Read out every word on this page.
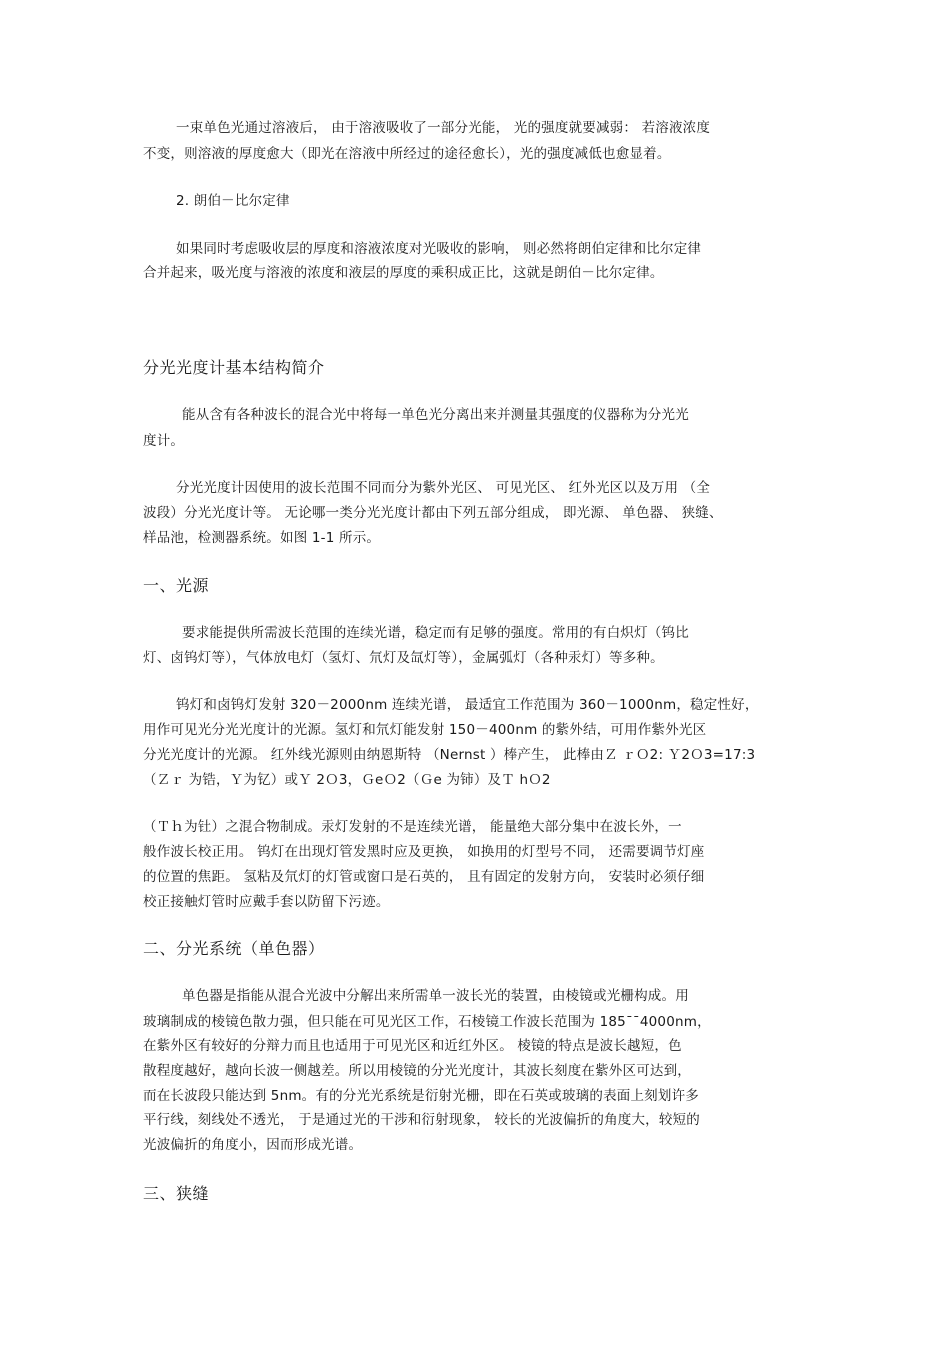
一束单色光通过溶液后， 由于溶液吸收了一部分光能， 光的强度就要减弱： 若溶液浓度
不变，则溶液的厚度愈大（即光在溶液中所经过的途径愈长），光的强度减低也愈显着。
2. 朗伯－比尔定律
如果同时考虑吸收层的厚度和溶液浓度对光吸收的影响， 则必然将朗伯定律和比尔定律
合并起来，吸光度与溶液的浓度和液层的厚度的乘积成正比，这就是朗伯－比尔定律。
分光光度计基本结构简介
能从含有各种波长的混合光中将每一单色光分离出来并测量其强度的仪器称为分光光
度计。
分光光度计因使用的波长范围不同而分为紫外光区、 可见光区、 红外光区以及万用 （全
波段）分光光度计等。 无论哪一类分光光度计都由下列五部分组成， 即光源、 单色器、 狭缝、
样品池，检测器系统。如图 1-1 所示。
一、光源
要求能提供所需波长范围的连续光谱，稳定而有足够的强度。常用的有白炽灯（钨比
灯、卤钨灯等），气体放电灯（氢灯、氘灯及氙灯等），金属弧灯（各种汞灯）等多种。
钨灯和卤钨灯发射 320－2000nm 连续光谱， 最适宜工作范围为 360－1000nm，稳定性好，
用作可见光分光光度计的光源。氢灯和氘灯能发射 150－400nm 的紫外结，可用作紫外光区
分光光度计的光源。 红外线光源则由纳恩斯特 （Nernst ）棒产生， 此棒由Ｚ ｒＯ2: Ｙ2Ｏ3=17:3
（Ｚｒ 为锆，Ｙ为钇）或Ｙ 2Ｏ3，ＧeＯ2（Ｇe 为铈）及Ｔ hＯ2
（Ｔｈ为钍）之混合物制成。汞灯发射的不是连续光谱， 能量绝大部分集中在波长外，一
般作波长校正用。 钨灯在出现灯管发黑时应及更换， 如换用的灯型号不同， 还需要调节灯座
的位置的焦距。 氢粘及氘灯的灯管或窗口是石英的， 且有固定的发射方向， 安装时必须仔细
校正接触灯管时应戴手套以防留下污迹。
二、分光系统（单色器）
单色器是指能从混合光波中分解出来所需单一波长光的装置，由棱镜或光栅构成。用
玻璃制成的棱镜色散力强，但只能在可见光区工作，石棱镜工作波长范围为 185¯¯4000nm，
在紫外区有较好的分辩力而且也适用于可见光区和近红外区。 棱镜的特点是波长越短，色
散程度越好，越向长波一侧越差。所以用棱镜的分光光度计，其波长刻度在紫外区可达到，
而在长波段只能达到 5nm。有的分光光系统是衍射光栅，即在石英或玻璃的表面上刻划许多
平行线，刻线处不透光， 于是通过光的干涉和衍射现象， 较长的光波偏折的角度大，较短的
光波偏折的角度小，因而形成光谱。
三、狭缝
